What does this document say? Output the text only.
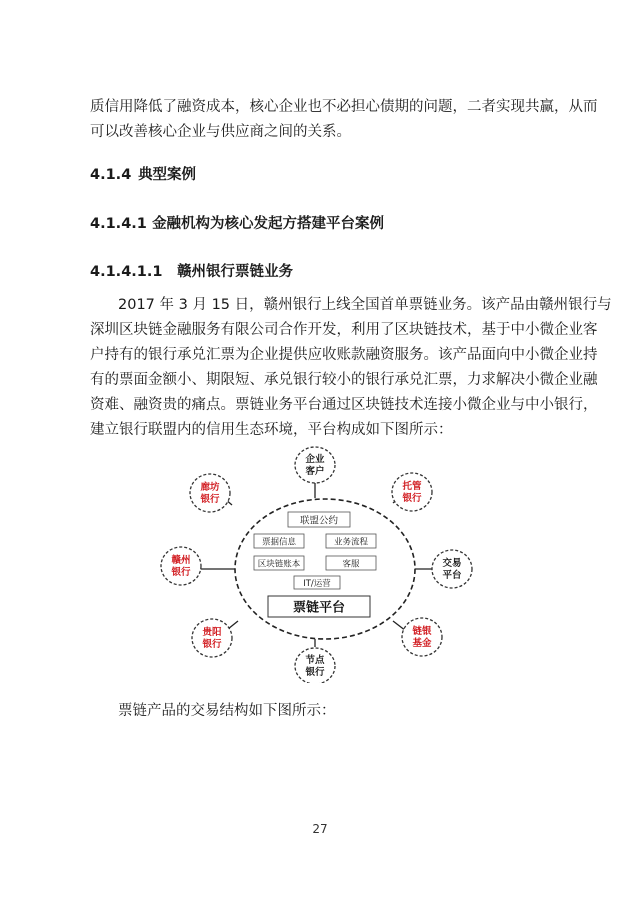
质信用降低了融资成本，核心企业也不必担心债期的问题，二者实现共赢，从而
可以改善核心企业与供应商之间的关系。

4.1.4 典型案例

4.1.4.1 金融机构为核心发起方搭建平台案例

4.1.4.1.1 赣州银行票链业务

2017 年 3 月 15 日，赣州银行上线全国首单票链业务。该产品由赣州银行与
深圳区块链金融服务有限公司合作开发，利用了区块链技术，基于中小微企业客
户持有的银行承兑汇票为企业提供应收账款融资服务。该产品面向中小微企业持
有的票面金额小、期限短、承兑银行较小的银行承兑汇票，力求解决小微企业融
资难、融资贵的痛点。票链业务平台通过区块链技术连接小微企业与中小银行，
建立银行联盟内的信用生态环境，平台构成如下图所示：

联盟公约
票据信息	业务流程
区块链账本	客服
IT/运营
票链平台
企业
客户
托管
银行
交易
平台
链银
基金
节点
银行
贵阳
银行
赣州
银行
廊坊
银行

票链产品的交易结构如下图所示：

27
